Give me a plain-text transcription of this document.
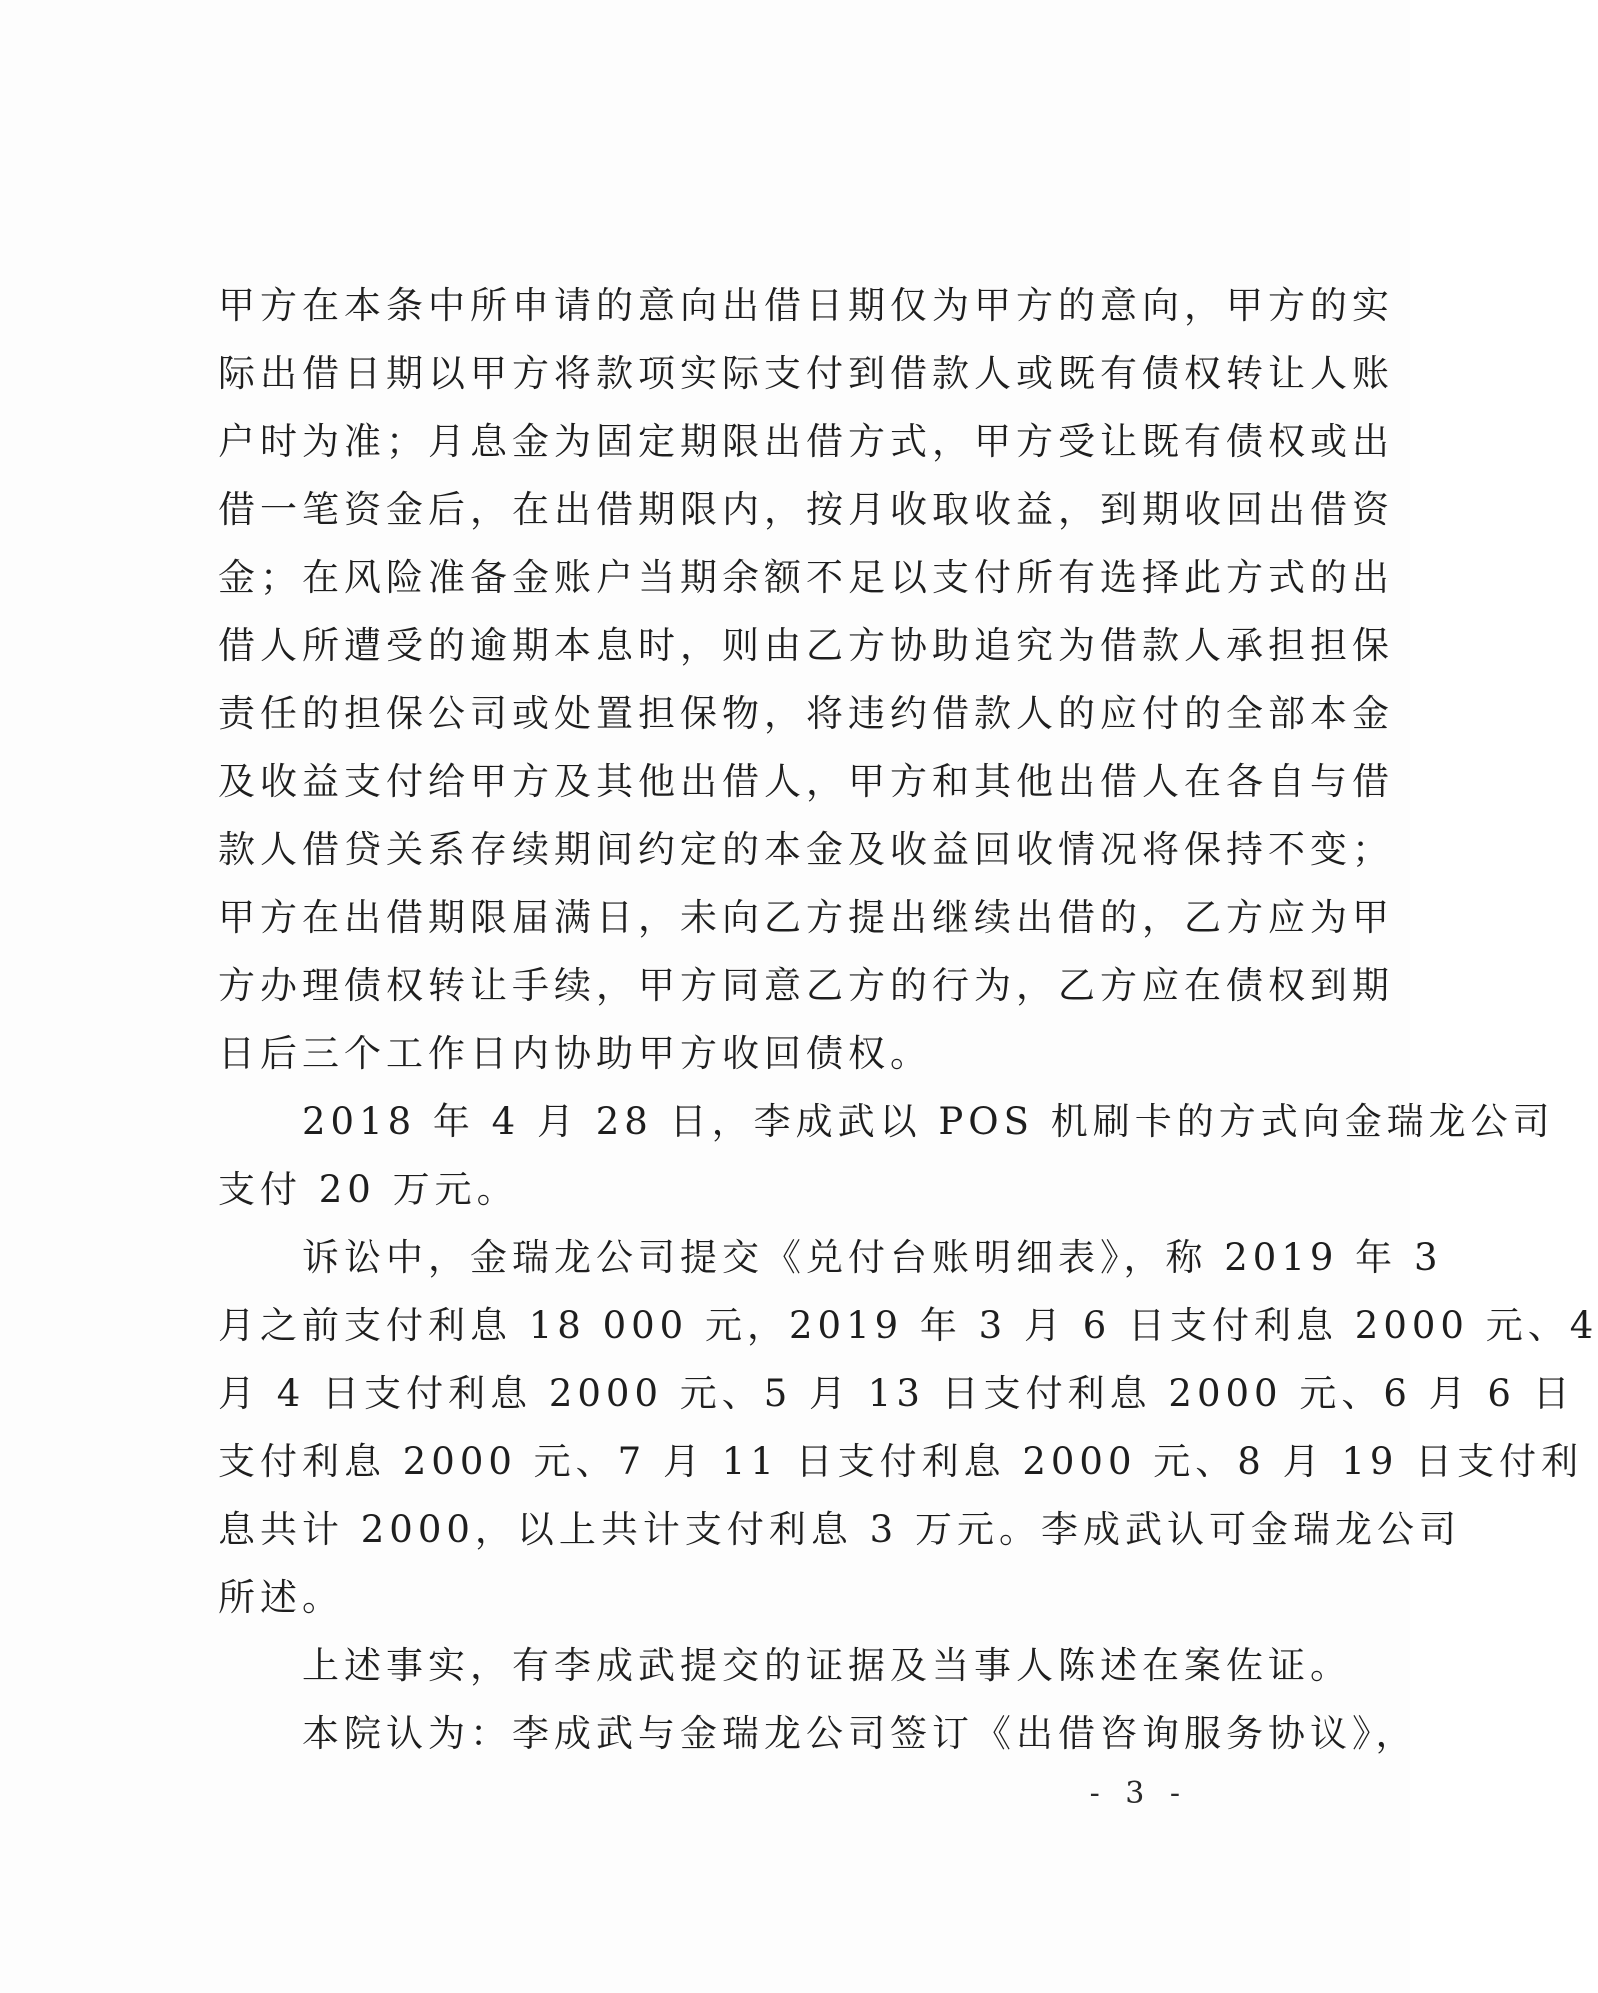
甲方在本条中所申请的意向出借日期仅为甲方的意向，甲方的实
际出借日期以甲方将款项实际支付到借款人或既有债权转让人账
户时为准；月息金为固定期限出借方式，甲方受让既有债权或出
借一笔资金后，在出借期限内，按月收取收益，到期收回出借资
金；在风险准备金账户当期余额不足以支付所有选择此方式的出
借人所遭受的逾期本息时，则由乙方协助追究为借款人承担担保
责任的担保公司或处置担保物，将违约借款人的应付的全部本金
及收益支付给甲方及其他出借人，甲方和其他出借人在各自与借
款人借贷关系存续期间约定的本金及收益回收情况将保持不变；
甲方在出借期限届满日，未向乙方提出继续出借的，乙方应为甲
方办理债权转让手续，甲方同意乙方的行为，乙方应在债权到期
日后三个工作日内协助甲方收回债权。
　　2018 年 4 月 28 日，李成武以 POS 机刷卡的方式向金瑞龙公司
支付 20 万元。
　　诉讼中，金瑞龙公司提交《兑付台账明细表》，称 2019 年 3
月之前支付利息 18 000 元，2019 年 3 月 6 日支付利息 2000 元、4
月 4 日支付利息 2000 元、5 月 13 日支付利息 2000 元、6 月 6 日
支付利息 2000 元、7 月 11 日支付利息 2000 元、8 月 19 日支付利
息共计 2000，以上共计支付利息 3 万元。李成武认可金瑞龙公司
所述。
　　上述事实，有李成武提交的证据及当事人陈述在案佐证。
　　本院认为：李成武与金瑞龙公司签订《出借咨询服务协议》，
- 3 -
